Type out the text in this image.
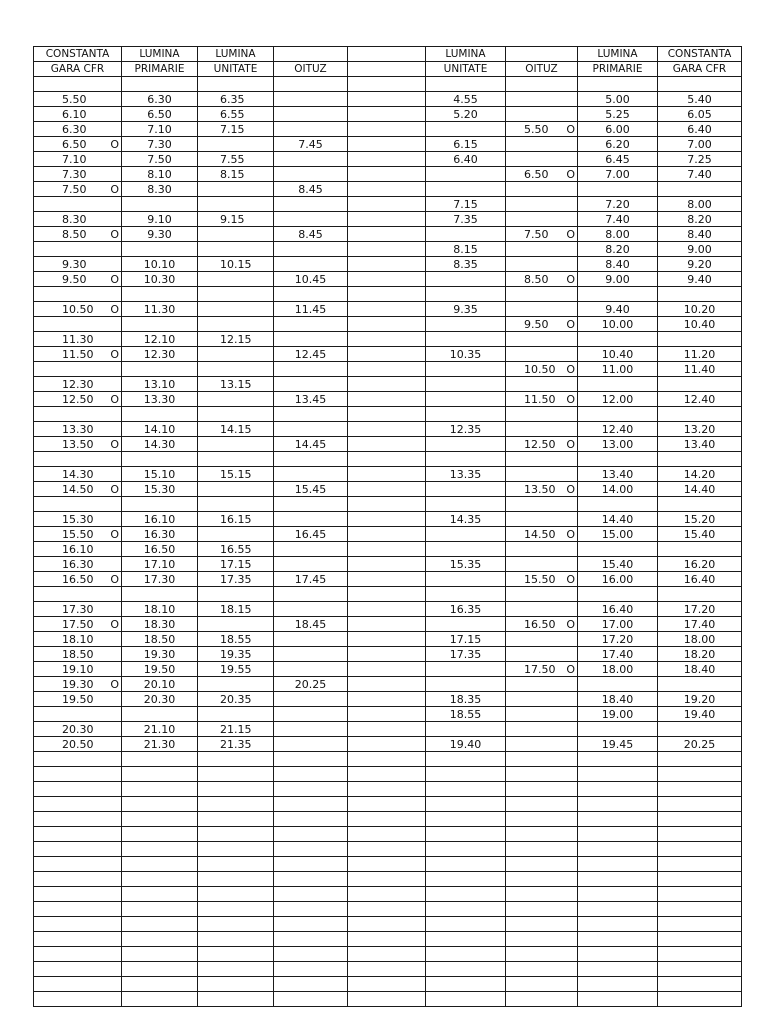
CONSTANTA	LUMINA	LUMINA			LUMINA		LUMINA	CONSTANTA
GARA CFR	PRIMARIE	UNITATE	OITUZ		UNITATE	OITUZ	PRIMARIE	GARA CFR

5.50	6.30	6.35			4.55		5.00	5.40
6.10	6.50	6.55			5.20		5.25	6.05
6.30	7.10	7.15				5.50 O	6.00	6.40

6.50 O	7.30		7.45		6.15		6.20	7.00
7.10	7.50	7.55			6.40		6.45	7.25
7.30	8.10	8.15				6.50 O	7.00	7.40

7.50 O	8.30		8.45					
					7.15		7.20	8.00
8.30	9.10	9.15			7.35		7.40	8.20

8.50 O	9.30		8.45			7.50 O	8.00	8.40
					8.15		8.20	9.00
9.30	10.10	10.15			8.35		8.40	9.20

9.50 O	10.30		10.45			8.50 O	9.00	9.40

10.50 O	11.30		11.45		9.35		9.40	10.20

						9.50 O	10.00	10.40
11.30	12.10	12.15						

11.50 O	12.30		12.45		10.35		10.40	11.20

						10.50 O	11.00	11.40
12.30	13.10	13.15						

12.50 O	13.30		13.45			11.50 O	12.00	12.40

13.30	14.10	14.15			12.35		12.40	13.20

13.50 O	14.30		14.45			12.50 O	13.00	13.40

14.30	15.10	15.15			13.35		13.40	14.20

14.50 O	15.30		15.45			13.50 O	14.00	14.40

15.30	16.10	16.15			14.35		14.40	15.20

15.50 O	16.30		16.45			14.50 O	15.00	15.40
16.10	16.50	16.55						
16.30	17.10	17.15			15.35		15.40	16.20

16.50 O	17.30	17.35	17.45			15.50 O	16.00	16.40

17.30	18.10	18.15			16.35		16.40	17.20

17.50 O	18.30		18.45			16.50 O	17.00	17.40
18.10	18.50	18.55			17.15		17.20	18.00
18.50	19.30	19.35			17.35		17.40	18.20
19.10	19.50	19.55				17.50 O	18.00	18.40

19.30 O	20.10		20.25					
19.50	20.30	20.35			18.35		18.40	19.20
					18.55		19.00	19.40
20.30	21.10	21.15						
20.50	21.30	21.35			19.40		19.45	20.25
